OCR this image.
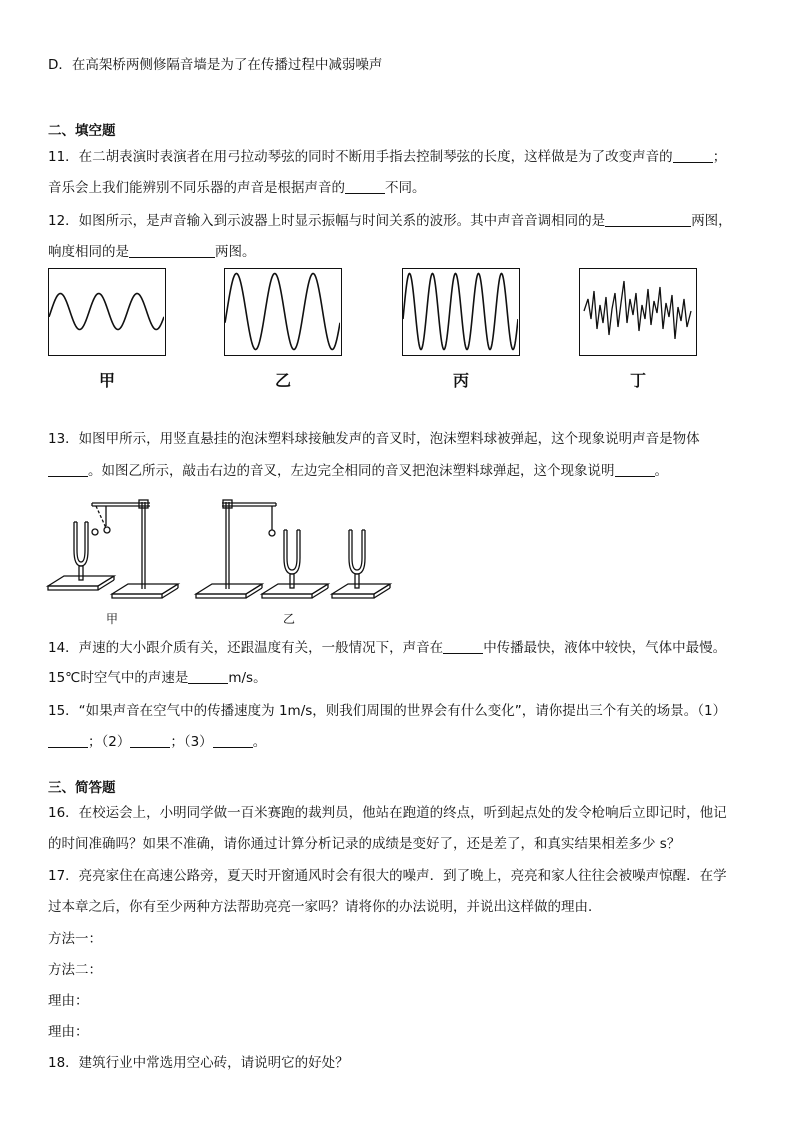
D．在高架桥两侧修隔音墙是为了在传播过程中减弱噪声
二、填空题
11．在二胡表演时表演者在用弓拉动琴弦的同时不断用手指去控制琴弦的长度，这样做是为了改变声音的	；
音乐会上我们能辨别不同乐器的声音是根据声音的	不同。
12．如图所示，是声音输入到示波器上时显示振幅与时间关系的波形。其中声音音调相同的是	两图，
响度相同的是	两图。
甲	乙	丙	丁
13．如图甲所示，用竖直悬挂的泡沫塑料球接触发声的音叉时，泡沫塑料球被弹起，这个现象说明声音是物体
。如图乙所示，敲击右边的音叉，左边完全相同的音叉把泡沫塑料球弹起，这个现象说明	。
甲	乙
14．声速的大小跟介质有关，还跟温度有关，一般情况下，声音在	中传播最快，液体中较快，气体中最慢。
15℃时空气中的声速是	m/s。
15．“如果声音在空气中的传播速度为 1m/s，则我们周围的世界会有什么变化”，请你提出三个有关的场景。（1）
；（2）	；（3）	。
三、简答题
16．在校运会上，小明同学做一百米赛跑的裁判员，他站在跑道的终点，听到起点处的发令枪响后立即记时，他记
的时间准确吗？如果不准确，请你通过计算分析记录的成绩是变好了，还是差了，和真实结果相差多少 s？
17．亮亮家住在高速公路旁，夏天时开窗通风时会有很大的噪声．到了晚上，亮亮和家人往往会被噪声惊醒．在学
过本章之后，你有至少两种方法帮助亮亮一家吗？请将你的办法说明，并说出这样做的理由．
方法一：
方法二：
理由：
理由：
18．建筑行业中常选用空心砖，请说明它的好处？
